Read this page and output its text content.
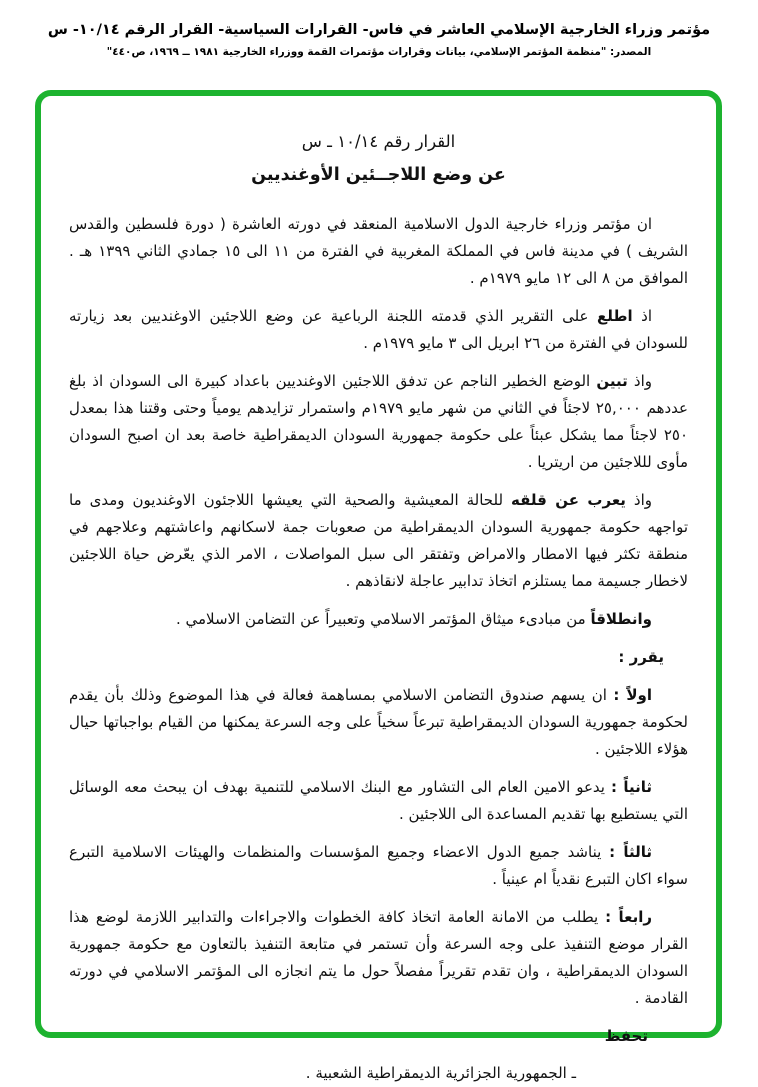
مؤتمر وزراء الخارجية الإسلامي العاشر في فاس- القرارات السياسية- القرار الرقم ١٠/١٤- س
المصدر: "منظمة المؤتمر الإسلامي، بيانات وقرارات مؤتمرات القمة ووزراء الخارجية ١٩٦٩ ــ ١٩٨١، ص٤٤٠"
القرار رقم ١٠/١٤ ـ س
عن وضع اللاجــئين الأوغنديين

ان مؤتمر وزراء خارجية الدول الاسلامية المنعقد في دورته العاشرة ( دورة فلسطين والقدس الشريف ) في مدينة فاس في المملكة المغربية في الفترة من ١١ الى ١٥ جمادي الثاني ١٣٩٩ هـ . الموافق من ٨ الى ١٢ مايو ١٩٧٩م .

اذ اطلع على التقرير الذي قدمته اللجنة الرباعية عن وضع اللاجئين الاوغنديين بعد زيارته للسودان في الفترة من ٢٦ ابريل الى ٣ مايو ١٩٧٩م .

واذ تبين الوضع الخطير الناجم عن تدفق اللاجئين الاوغنديين باعداد كبيرة الى السودان اذ بلغ عددهم ٢٥,٠٠٠ لاجئاً في الثاني من شهر مايو ١٩٧٩م واستمرار تزايدهم يومياً وحتى وقتنا هذا بمعدل ٢٥٠ لاجئاً مما يشكل عبئاً على حكومة جمهورية السودان الديمقراطية خاصة بعد ان اصبح السودان مأوى لللاجئين من اريتريا .

واذ يعرب عن قلقه للحالة المعيشية والصحية التي يعيشها اللاجئون الاوغنديون ومدى ما تواجهه حكومة جمهورية السودان الديمقراطية من صعوبات جمة لاسكانهم واعاشتهم وعلاجهم في منطقة تكثر فيها الامطار والامراض وتفتقر الى سبل المواصلات ، الامر الذي يعّرض حياة اللاجئين لاخطار جسيمة مما يستلزم اتخاذ تدابير عاجلة لانقاذهم .

وانطلاقاً من مبادىء ميثاق المؤتمر الاسلامي وتعبيراً عن التضامن الاسلامي .

يقرر :

اولاً : ان يسهم صندوق التضامن الاسلامي بمساهمة فعالة في هذا الموضوع وذلك بأن يقدم لحكومة جمهورية السودان الديمقراطية تبرعاً سخياً على وجه السرعة يمكنها من القيام بواجباتها حيال هؤلاء اللاجئين .

ثانياً : يدعو الامين العام الى التشاور مع البنك الاسلامي للتنمية بهدف ان يبحث معه الوسائل التي يستطيع بها تقديم المساعدة الى اللاجئين .

ثالثاً : يناشد جميع الدول الاعضاء وجميع المؤسسات والمنظمات والهيئات الاسلامية التبرع سواء اكان التبرع نقدياً ام عينياً .

رابعاً : يطلب من الامانة العامة اتخاذ كافة الخطوات والاجراءات والتدابير اللازمة لوضع هذا القرار موضع التنفيذ على وجه السرعة وأن تستمر في متابعة التنفيذ بالتعاون مع حكومة جمهورية السودان الديمقراطية ، وان تقدم تقريراً مفصلاً حول ما يتم انجازه الى المؤتمر الاسلامي في دورته القادمة .

تحفظ
ـ الجمهورية الجزائرية الديمقراطية الشعبية .
